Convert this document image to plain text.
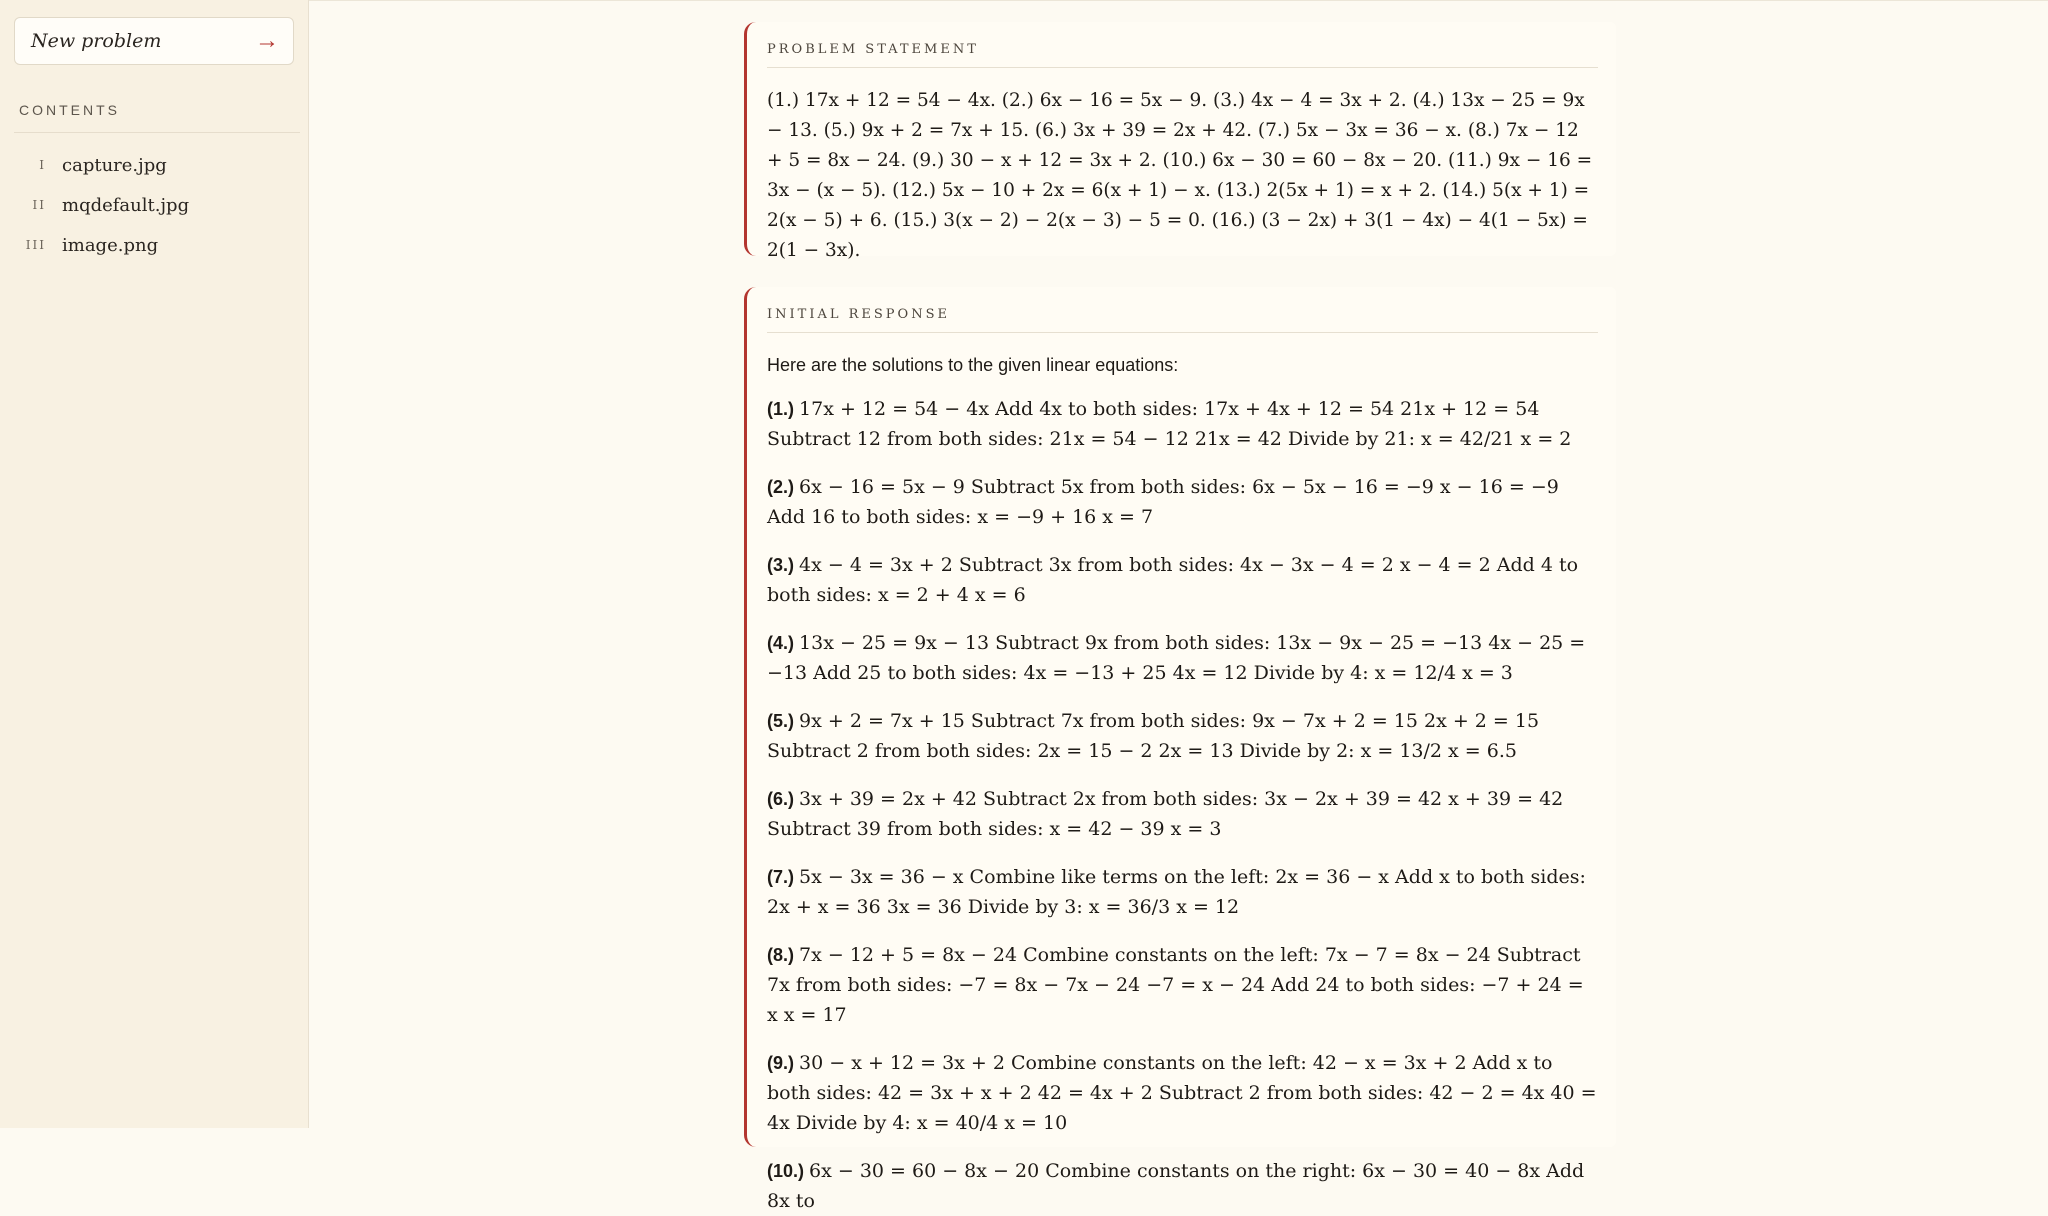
New problem	→
CONTENTS
I capture.jpg
II mqdefault.jpg
III image.png
PROBLEM STATEMENT
(1.) 17x + 12 = 54 − 4x. (2.) 6x − 16 = 5x − 9. (3.) 4x − 4 = 3x + 2. (4.) 13x − 25 = 9x − 13. (5.) 9x + 2 = 7x + 15. (6.) 3x + 39 = 2x + 42. (7.) 5x − 3x = 36 − x. (8.) 7x − 12 + 5 = 8x − 24. (9.) 30 − x + 12 = 3x + 2. (10.) 6x − 30 = 60 − 8x − 20. (11.) 9x − 16 = 3x − (x − 5). (12.) 5x − 10 + 2x = 6(x + 1) − x. (13.) 2(5x + 1) = x + 2. (14.) 5(x + 1) = 2(x − 5) + 6. (15.) 3(x − 2) − 2(x − 3) − 5 = 0. (16.) (3 − 2x) + 3(1 − 4x) − 4(1 − 5x) = 2(1 − 3x).
INITIAL RESPONSE
Here are the solutions to the given linear equations:
(1.) 17x + 12 = 54 − 4x Add 4x to both sides: 17x + 4x + 12 = 54 21x + 12 = 54 Subtract 12 from both sides: 21x = 54 − 12 21x = 42 Divide by 21: x = 42/21 x = 2
(2.) 6x − 16 = 5x − 9 Subtract 5x from both sides: 6x − 5x − 16 = −9 x − 16 = −9 Add 16 to both sides: x = −9 + 16 x = 7
(3.) 4x − 4 = 3x + 2 Subtract 3x from both sides: 4x − 3x − 4 = 2 x − 4 = 2 Add 4 to both sides: x = 2 + 4 x = 6
(4.) 13x − 25 = 9x − 13 Subtract 9x from both sides: 13x − 9x − 25 = −13 4x − 25 = −13 Add 25 to both sides: 4x = −13 + 25 4x = 12 Divide by 4: x = 12/4 x = 3
(5.) 9x + 2 = 7x + 15 Subtract 7x from both sides: 9x − 7x + 2 = 15 2x + 2 = 15 Subtract 2 from both sides: 2x = 15 − 2 2x = 13 Divide by 2: x = 13/2 x = 6.5
(6.) 3x + 39 = 2x + 42 Subtract 2x from both sides: 3x − 2x + 39 = 42 x + 39 = 42 Subtract 39 from both sides: x = 42 − 39 x = 3
(7.) 5x − 3x = 36 − x Combine like terms on the left: 2x = 36 − x Add x to both sides: 2x + x = 36 3x = 36 Divide by 3: x = 36/3 x = 12
(8.) 7x − 12 + 5 = 8x − 24 Combine constants on the left: 7x − 7 = 8x − 24 Subtract 7x from both sides: −7 = 8x − 7x − 24 −7 = x − 24 Add 24 to both sides: −7 + 24 = x x = 17
(9.) 30 − x + 12 = 3x + 2 Combine constants on the left: 42 − x = 3x + 2 Add x to both sides: 42 = 3x + x + 2 42 = 4x + 2 Subtract 2 from both sides: 42 − 2 = 4x 40 = 4x Divide by 4: x = 40/4 x = 10
(10.) 6x − 30 = 60 − 8x − 20 Combine constants on the right: 6x − 30 = 40 − 8x Add 8x to
